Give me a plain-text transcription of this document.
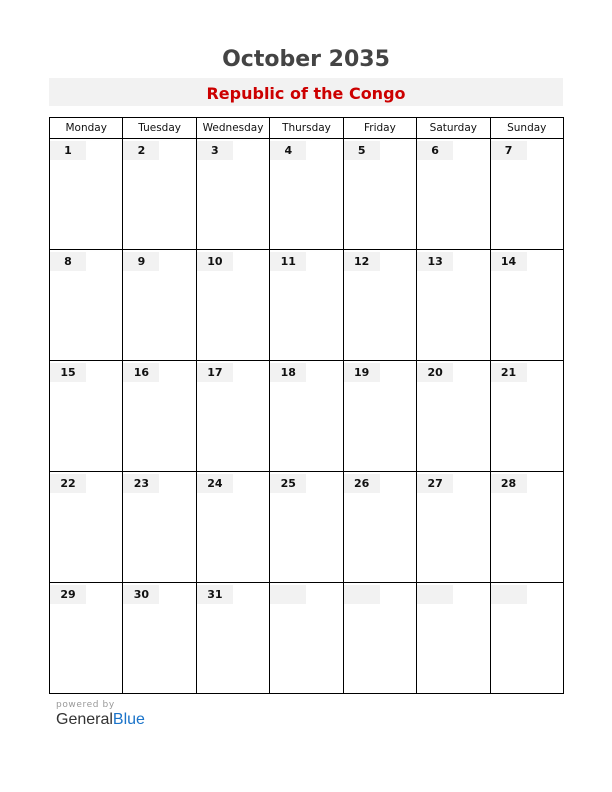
October 2035
Republic of the Congo
Monday	Tuesday	Wednesday	Thursday	Friday	Saturday	Sunday

1	2	3	4	5	6	7

8	9	10	11	12	13	14

15	16	17	18	19	20	21

22	23	24	25	26	27	28

29	30	31				

powered by
GeneralBlue
